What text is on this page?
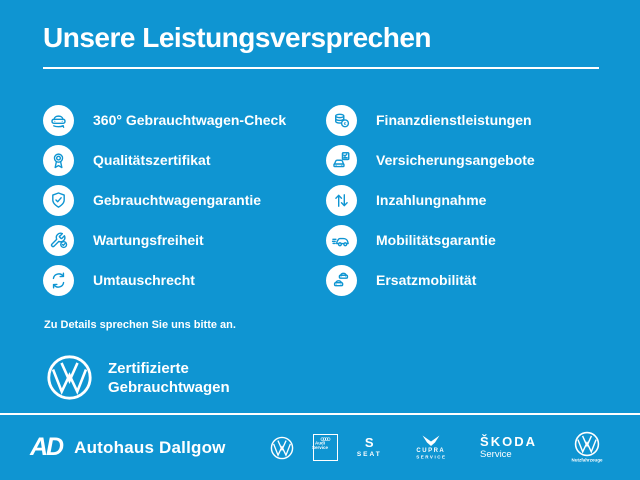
Unsere Leistungsversprechen
360° Gebrauchtwagen-Check
Qualitätszertifikat
Gebrauchtwagengarantie
Wartungsfreiheit
Umtauschrecht
€ Finanzdienstleistungen
Versicherungsangebote
Inzahlungnahme
Mobilitätsgarantie
Ersatzmobilität
Zu Details sprechen Sie uns bitte an.
Zertifizierte
Gebrauchtwagen
AD Autohaus Dallgow	Audi
Service	S
SEAT
CUPRA
SERVICE
ŠKODA
Service
Nutzfahrzeuge
